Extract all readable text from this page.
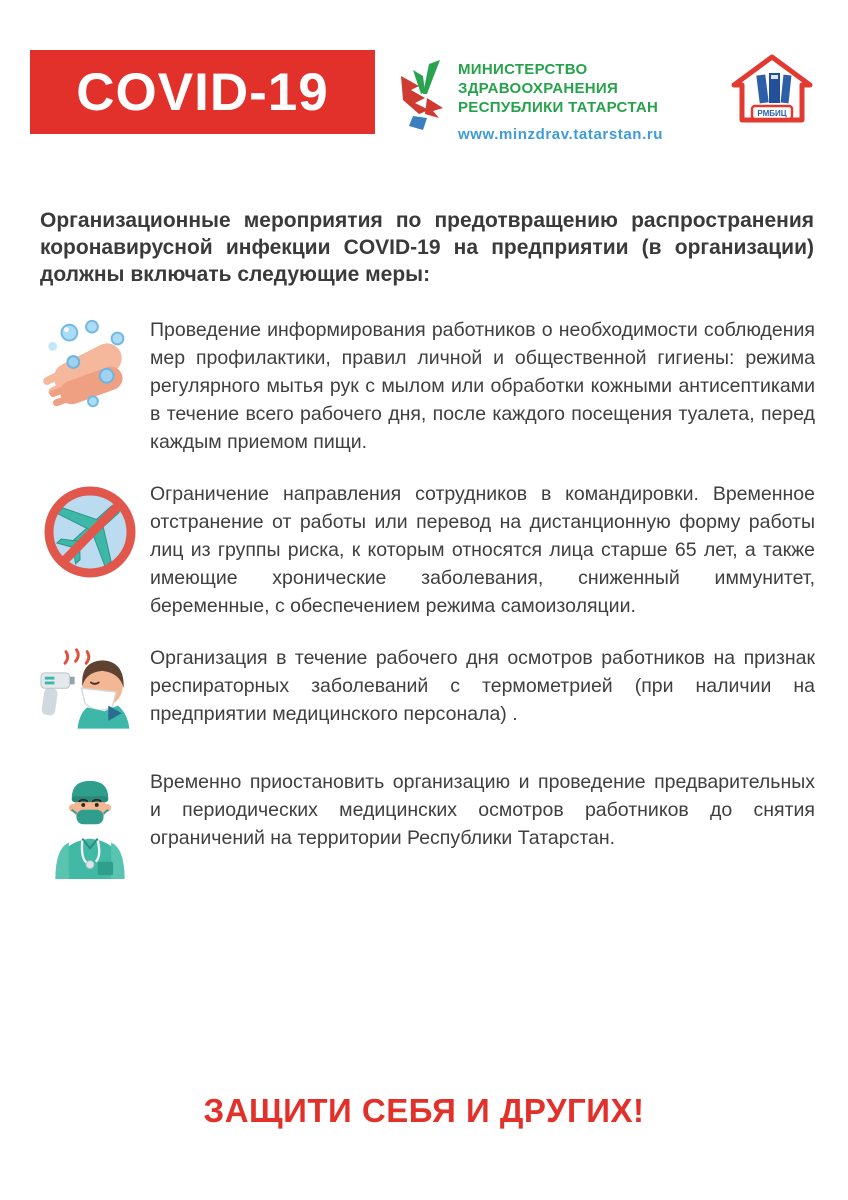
COVID-19	МИНИСТЕРСТВО ЗДРАВООХРАНЕНИЯ
РЕСПУБЛИКИ ТАТАРСТАН
www.minzdrav.tatarstan.ru
РМБИЦ

Организационные мероприятия по предотвращению распространения коронавирусной инфекции COVID-19 на предприятии (в организации) должны включать следующие меры:

Проведение информирования работников о необходимости соблюдения мер профилактики, правил личной и общественной гигиены: режима регулярного мытья рук с мылом или обработки кожными антисептиками в течение всего рабочего дня, после каждого посещения туалета, перед каждым приемом пищи.

Ограничение направления сотрудников в командировки. Временное отстранение от работы или перевод на дистанционную форму работы лиц из группы риска, к которым относятся лица старше 65 лет, а также имеющие хронические заболевания, сниженный иммунитет, беременные, с обеспечением режима самоизоляции.

Организация в течение рабочего дня осмотров работников на признак респираторных заболеваний с термометрией (при наличии на предприятии медицинского персонала) .

Временно приостановить организацию и проведение предварительных и периодических медицинских осмотров работников до снятия ограничений на территории Республики Татарстан.

ЗАЩИТИ СЕБЯ И ДРУГИХ!
